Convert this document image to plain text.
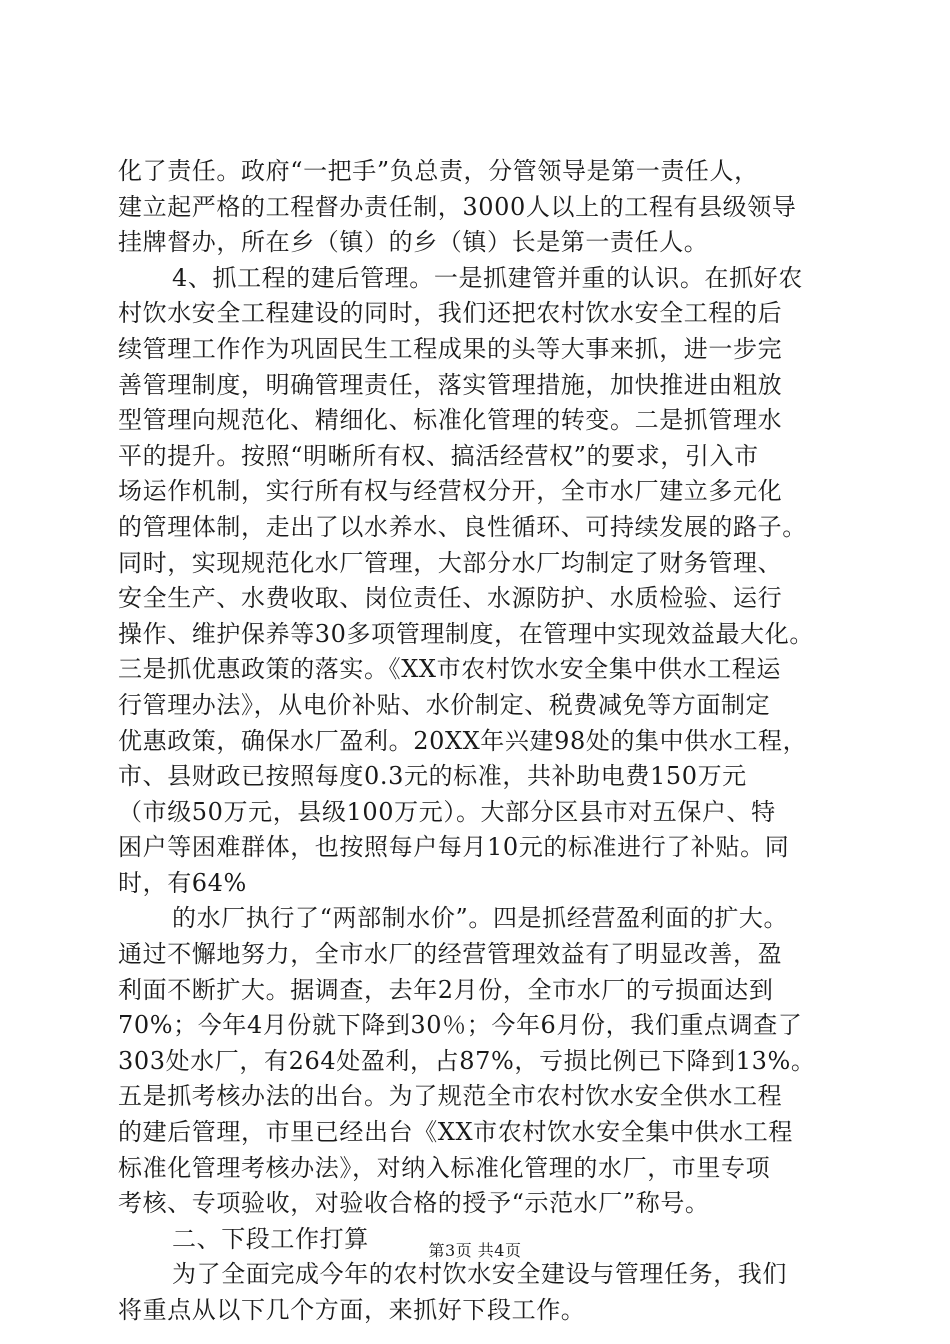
化了责任。政府“一把手”负总责，分管领导是第一责任人，
建立起严格的工程督办责任制，3000人以上的工程有县级领导
挂牌督办，所在乡（镇）的乡（镇）长是第一责任人。
4、抓工程的建后管理。一是抓建管并重的认识。在抓好农
村饮水安全工程建设的同时，我们还把农村饮水安全工程的后
续管理工作作为巩固民生工程成果的头等大事来抓，进一步完
善管理制度，明确管理责任，落实管理措施，加快推进由粗放
型管理向规范化、精细化、标准化管理的转变。二是抓管理水
平的提升。按照“明晰所有权、搞活经营权”的要求，引入市
场运作机制，实行所有权与经营权分开，全市水厂建立多元化
的管理体制，走出了以水养水、良性循环、可持续发展的路子。
同时，实现规范化水厂管理，大部分水厂均制定了财务管理、
安全生产、水费收取、岗位责任、水源防护、水质检验、运行
操作、维护保养等30多项管理制度，在管理中实现效益最大化。
三是抓优惠政策的落实。《XX市农村饮水安全集中供水工程运
行管理办法》，从电价补贴、水价制定、税费减免等方面制定
优惠政策，确保水厂盈利。20XX年兴建98处的集中供水工程，
市、县财政已按照每度0.3元的标准，共补助电费150万元
（市级50万元，县级100万元）。大部分区县市对五保户、特
困户等困难群体，也按照每户每月10元的标准进行了补贴。同
时，有64%
的水厂执行了“两部制水价”。四是抓经营盈利面的扩大。
通过不懈地努力，全市水厂的经营管理效益有了明显改善，盈
利面不断扩大。据调查，去年2月份，全市水厂的亏损面达到
70%；今年4月份就下降到30％；今年6月份，我们重点调查了
303处水厂，有264处盈利，占87%，亏损比例已下降到13%。
五是抓考核办法的出台。为了规范全市农村饮水安全供水工程
的建后管理，市里已经出台《XX市农村饮水安全集中供水工程
标准化管理考核办法》，对纳入标准化管理的水厂，市里专项
考核、专项验收，对验收合格的授予“示范水厂”称号。
二、下段工作打算
为了全面完成今年的农村饮水安全建设与管理任务，我们
将重点从以下几个方面，来抓好下段工作。
第3页 共4页
